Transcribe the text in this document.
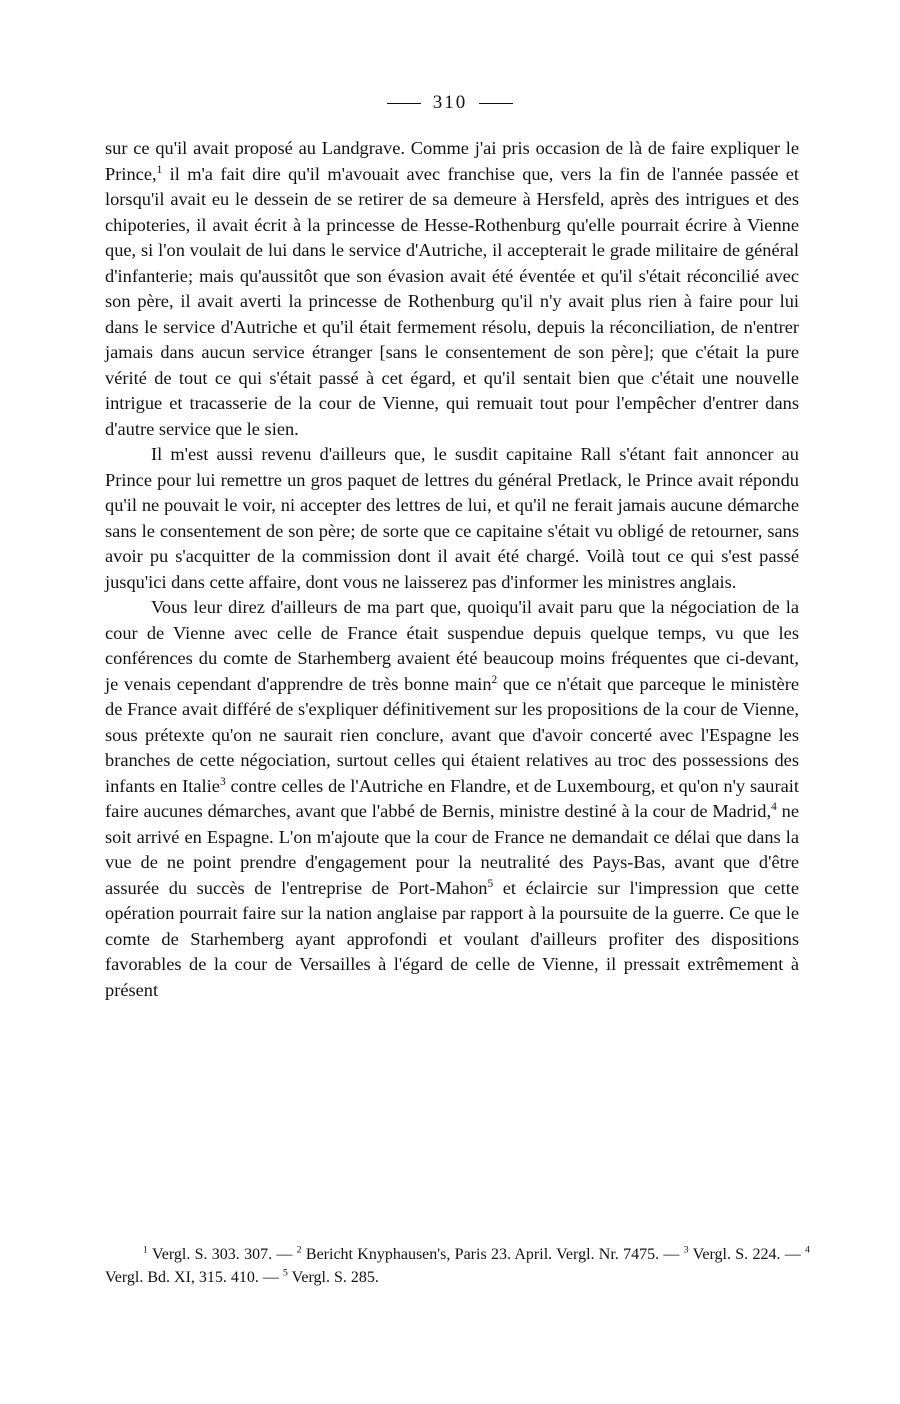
310

sur ce qu'il avait proposé au Landgrave. Comme j'ai pris occasion de là de faire expliquer le Prince,$^1$ il m'a fait dire qu'il m'avouait avec franchise que, vers la fin de l'année passée et lorsqu'il avait eu le dessein de se retirer de sa demeure à Hersfeld, après des intrigues et des chipoteries, il avait écrit à la princesse de Hesse-Rothenburg qu'elle pourrait écrire à Vienne que, si l'on voulait de lui dans le service d'Autriche, il accepterait le grade militaire de général d'infanterie; mais qu'aussitôt que son évasion avait été éventée et qu'il s'était réconcilié avec son père, il avait averti la princesse de Rothenburg qu'il n'y avait plus rien à faire pour lui dans le service d'Autriche et qu'il était fermement résolu, depuis la réconciliation, de n'entrer jamais dans aucun service étranger [sans le consentement de son père]; que c'était la pure vérité de tout ce qui s'était passé à cet égard, et qu'il sentait bien que c'était une nouvelle intrigue et tracasserie de la cour de Vienne, qui remuait tout pour l'empêcher d'entrer dans d'autre service que le sien.

Il m'est aussi revenu d'ailleurs que, le susdit capitaine Rall s'étant fait annoncer au Prince pour lui remettre un gros paquet de lettres du général Pretlack, le Prince avait répondu qu'il ne pouvait le voir, ni accepter des lettres de lui, et qu'il ne ferait jamais aucune démarche sans le consentement de son père; de sorte que ce capitaine s'était vu obligé de retourner, sans avoir pu s'acquitter de la commission dont il avait été chargé. Voilà tout ce qui s'est passé jusqu'ici dans cette affaire, dont vous ne laisserez pas d'informer les ministres anglais.

Vous leur direz d'ailleurs de ma part que, quoiqu'il avait paru que la négociation de la cour de Vienne avec celle de France était suspendue depuis quelque temps, vu que les conférences du comte de Starhemberg avaient été beaucoup moins fréquentes que ci-devant, je venais cependant d'apprendre de très bonne main$^2$ que ce n'était que parceque le ministère de France avait différé de s'expliquer définitivement sur les propositions de la cour de Vienne, sous prétexte qu'on ne saurait rien conclure, avant que d'avoir concerté avec l'Espagne les branches de cette négociation, surtout celles qui étaient relatives au troc des possessions des infants en Italie$^3$ contre celles de l'Autriche en Flandre, et de Luxembourg, et qu'on n'y saurait faire aucunes démarches, avant que l'abbé de Bernis, ministre destiné à la cour de Madrid,$^4$ ne soit arrivé en Espagne. L'on m'ajoute que la cour de France ne demandait ce délai que dans la vue de ne point prendre d'engagement pour la neutralité des Pays-Bas, avant que d'être assurée du succès de l'entreprise de Port-Mahon$^5$ et éclaircie sur l'impression que cette opération pourrait faire sur la nation anglaise par rapport à la poursuite de la guerre. Ce que le comte de Starhemberg ayant approfondi et voulant d'ailleurs profiter des dispositions favorables de la cour de Versailles à l'égard de celle de Vienne, il pressait extrêmement à présent

$^1$ Vergl. S. 303. 307. — $^2$ Bericht Knyphausen's, Paris 23. April. Vergl. Nr. 7475. — $^3$ Vergl. S. 224. — $^4$ Vergl. Bd. XI, 315. 410. — $^5$ Vergl. S. 285.
